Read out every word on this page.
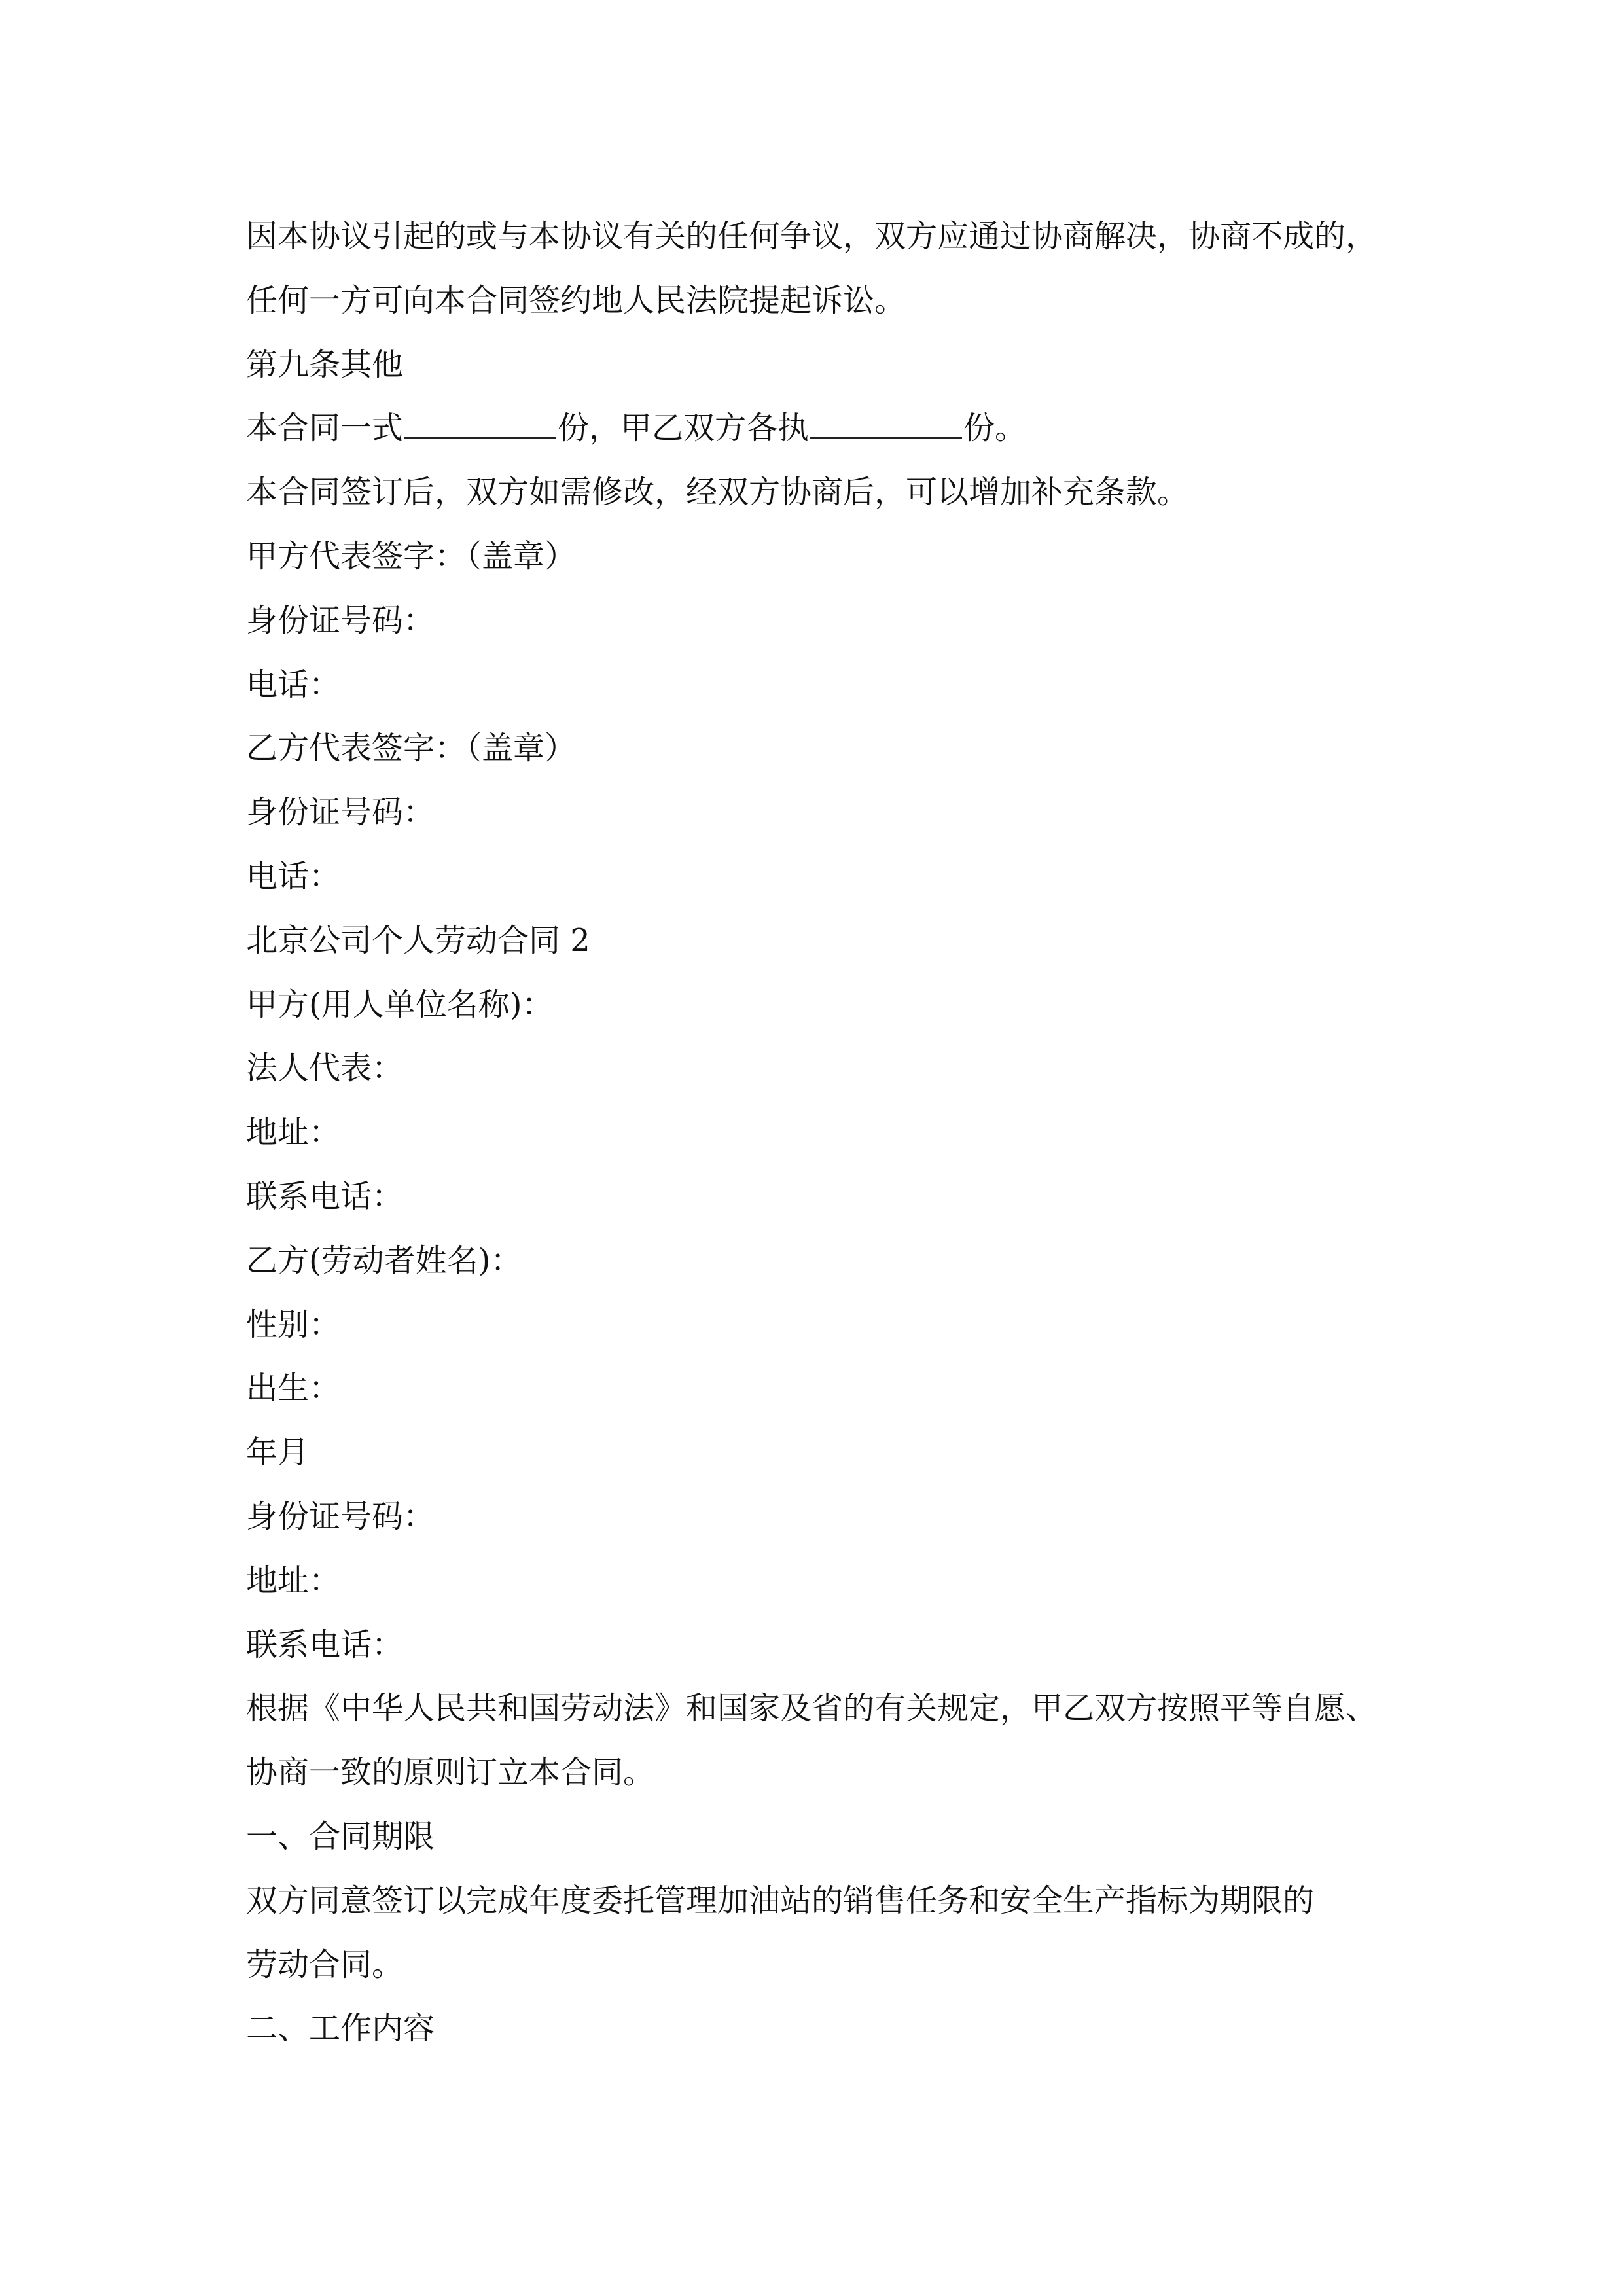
因本协议引起的或与本协议有关的任何争议，双方应通过协商解决，协商不成的，

任何一方可向本合同签约地人民法院提起诉讼。

第九条其他

本合同一式	份，甲乙双方各执	份。

本合同签订后，双方如需修改，经双方协商后，可以增加补充条款。

甲方代表签字：（盖章）

身份证号码：

电话：

乙方代表签字：（盖章）

身份证号码：

电话：

北京公司个人劳动合同 2

甲方(用人单位名称)：

法人代表：

地址：

联系电话：

乙方(劳动者姓名)：

性别：

出生：

年月

身份证号码：

地址：

联系电话：

根据《中华人民共和国劳动法》和国家及省的有关规定，甲乙双方按照平等自愿、

协商一致的原则订立本合同。

一、合同期限

双方同意签订以完成年度委托管理加油站的销售任务和安全生产指标为期限的

劳动合同。

二、工作内容
